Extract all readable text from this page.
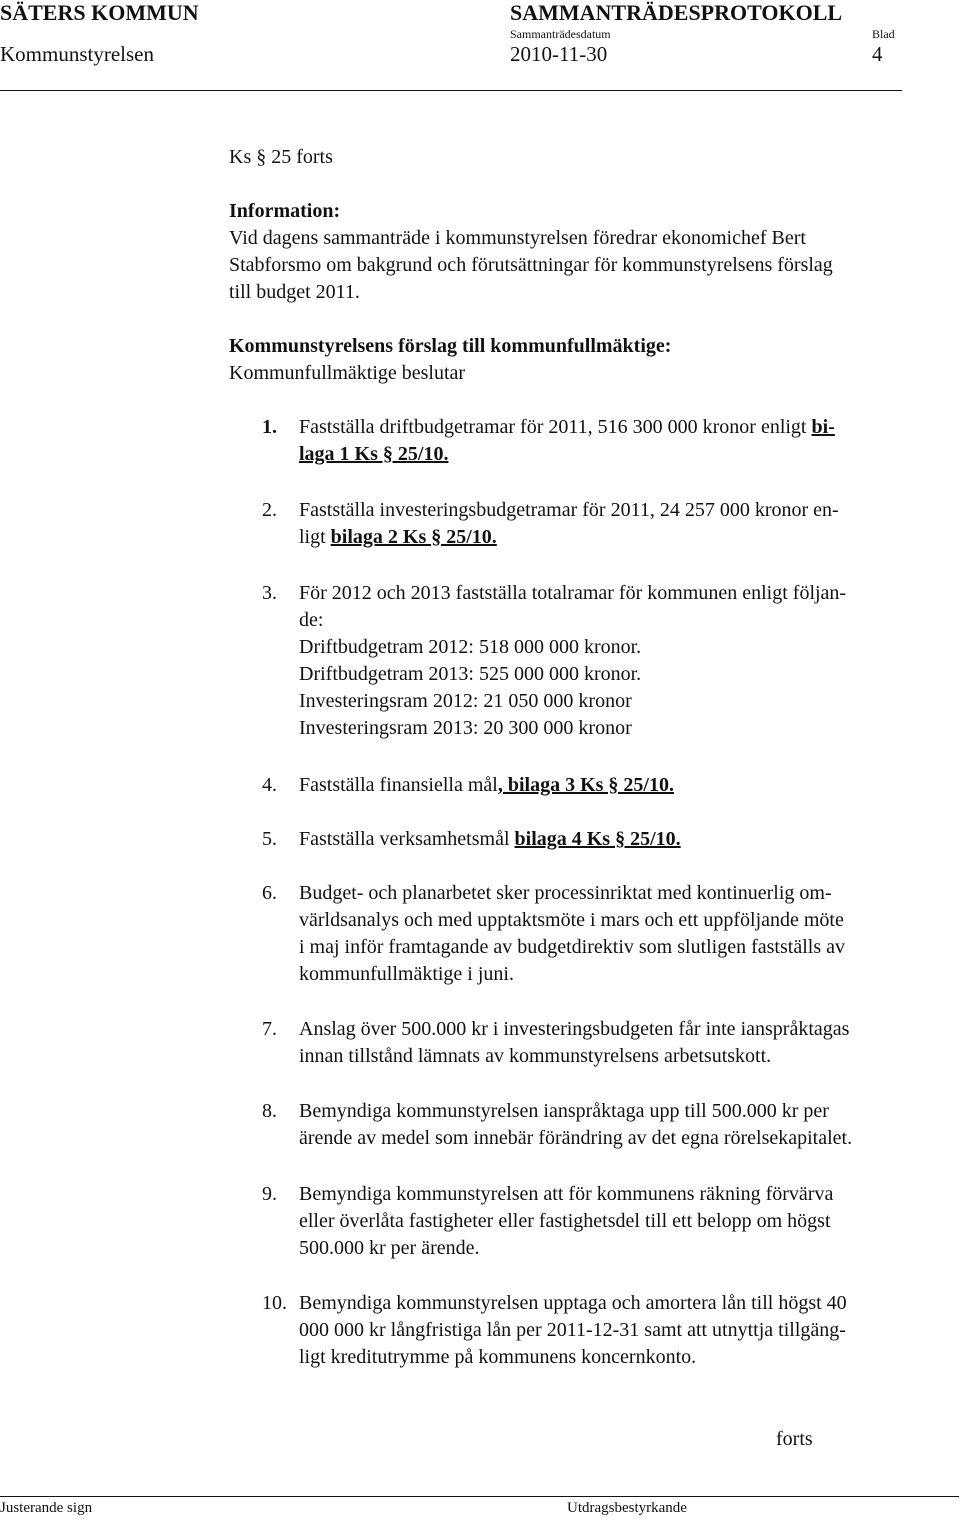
SÄTERS KOMMUN	SAMMANTRÄDESPROTOKOLL
Sammanträdesdatum	Blad
Kommunstyrelsen	2010-11-30	4
Ks § 25 forts
Information:
Vid dagens sammanträde i kommunstyrelsen föredrar ekonomichef Bert
Stabforsmo om bakgrund och förutsättningar för kommunstyrelsens förslag
till budget 2011.
Kommunstyrelsens förslag till kommunfullmäktige:
Kommunfullmäktige beslutar
1. Fastställa driftbudgetramar för 2011, 516 300 000 kronor enligt bi-
laga 1 Ks § 25/10.
2. Fastställa investeringsbudgetramar för 2011, 24 257 000 kronor en-
ligt bilaga 2 Ks § 25/10.
3. För 2012 och 2013 fastställa totalramar för kommunen enligt följan-
de:
Driftbudgetram 2012: 518 000 000 kronor.
Driftbudgetram 2013: 525 000 000 kronor.
Investeringsram 2012: 21 050 000 kronor
Investeringsram 2013: 20 300 000 kronor
4. Fastställa finansiella mål, bilaga 3 Ks § 25/10.
5. Fastställa verksamhetsmål bilaga 4 Ks § 25/10.
6. Budget- och planarbetet sker processinriktat med kontinuerlig om-
världsanalys och med upptaktsmöte i mars och ett uppföljande möte
i maj inför framtagande av budgetdirektiv som slutligen fastställs av
kommunfullmäktige i juni.
7. Anslag över 500.000 kr i investeringsbudgeten får inte ianspråktagas
innan tillstånd lämnats av kommunstyrelsens arbetsutskott.
8. Bemyndiga kommunstyrelsen ianspråktaga upp till 500.000 kr per
ärende av medel som innebär förändring av det egna rörelsekapitalet.
9. Bemyndiga kommunstyrelsen att för kommunens räkning förvärva
eller överlåta fastigheter eller fastighetsdel till ett belopp om högst
500.000 kr per ärende.
10. Bemyndiga kommunstyrelsen upptaga och amortera lån till högst 40
000 000 kr långfristiga lån per 2011-12-31 samt att utnyttja tillgäng-
ligt kreditutrymme på kommunens koncernkonto.
forts
Justerande sign	Utdragsbestyrkande
